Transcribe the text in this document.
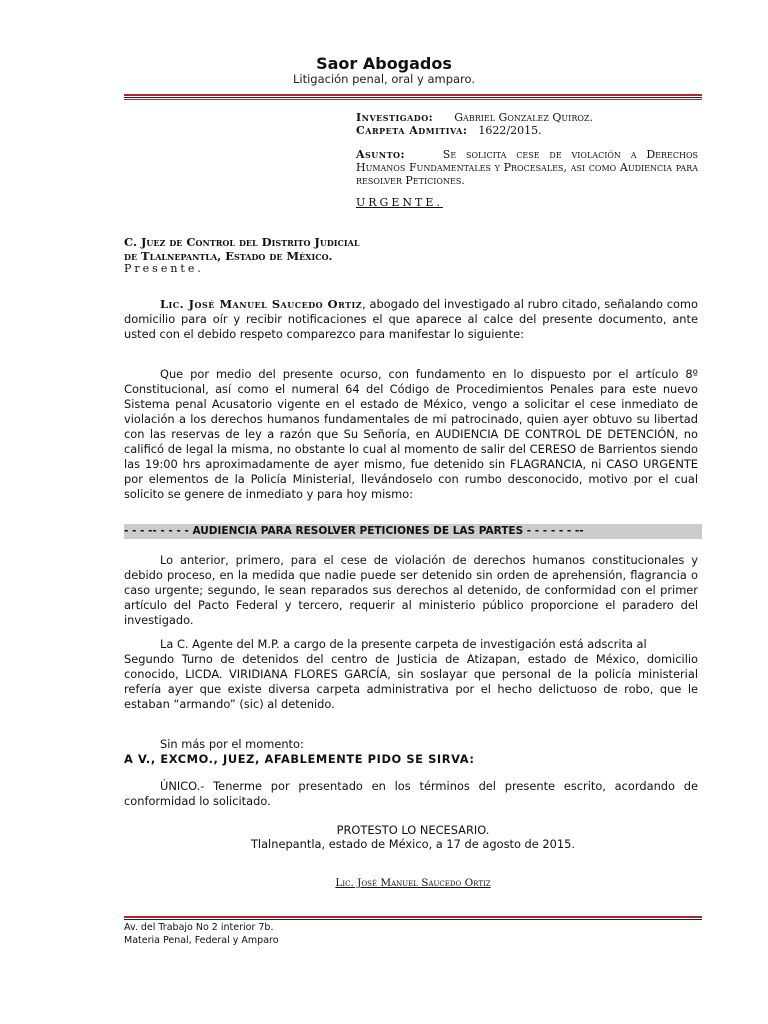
Saor Abogados
Litigación penal, oral y amparo.
Investigado: Gabriel Gonzalez Quiroz.
Carpeta Admitiva: 1622/2015.
Asunto:	Se solicita cese de violación a Derechos Humanos Fundamentales y Procesales, asi como Audiencia para resolver Peticiones.
URGENTE.
C. Juez de Control del Distrito Judicial
de Tlalnepantla, Estado de México.
Presente.
Lic. José Manuel Saucedo Ortiz, abogado del investigado al rubro citado, señalando como domicilio para oír y recibir notificaciones el que aparece al calce del presente documento, ante usted con el debido respeto comparezco para manifestar lo siguiente:
Que por medio del presente ocurso, con fundamento en lo dispuesto por el artículo 8º Constitucional, así como el numeral 64 del Código de Procedimientos Penales para este nuevo Sistema penal Acusatorio vigente en el estado de México, vengo a solicitar el cese inmediato de violación a los derechos humanos fundamentales de mi patrocinado, quien ayer obtuvo su libertad con las reservas de ley a razón que Su Señoría, en AUDIENCIA DE CONTROL DE DETENCIÓN, no calificó de legal la misma, no obstante lo cual al momento de salir del CERESO de Barrientos siendo las 19:00 hrs aproximadamente de ayer mismo, fue detenido sin FLAGRANCIA, ni CASO URGENTE por elementos de la Policía Ministerial, llevándoselo con rumbo desconocido, motivo por el cual solicito se genere de inmediato y para hoy mismo:
- - - -- - - - - AUDIENCIA PARA RESOLVER PETICIONES DE LAS PARTES - - - - - - --
Lo anterior, primero, para el cese de violación de derechos humanos constitucionales y debido proceso, en la medida que nadie puede ser detenido sin orden de aprehensión, flagrancia o caso urgente; segundo, le sean reparados sus derechos al detenido, de conformidad con el primer artículo del Pacto Federal y tercero, requerir al ministerio público proporcione el paradero del investigado.
La C. Agente del M.P. a cargo de la presente carpeta de investigación está adscrita al
Segundo Turno de detenidos del centro de Justicia de Atizapan, estado de México, domicilio conocido, LICDA. VIRIDIANA FLORES GARCÍA, sin soslayar que personal de la policía ministerial refería ayer que existe diversa carpeta administrativa por el hecho delictuoso de robo, que le estaban “armando” (sic) al detenido.
Sin más por el momento:
A V., EXCMO., JUEZ, AFABLEMENTE PIDO SE SIRVA:
ÚNICO.- Tenerme por presentado en los términos del presente escrito, acordando de conformidad lo solicitado.
PROTESTO LO NECESARIO.
Tlalnepantla, estado de México, a 17 de agosto de 2015.
Lic. José Manuel Saucedo Ortiz
Av. del Trabajo No 2 interior 7b.
Materia Penal, Federal y Amparo
